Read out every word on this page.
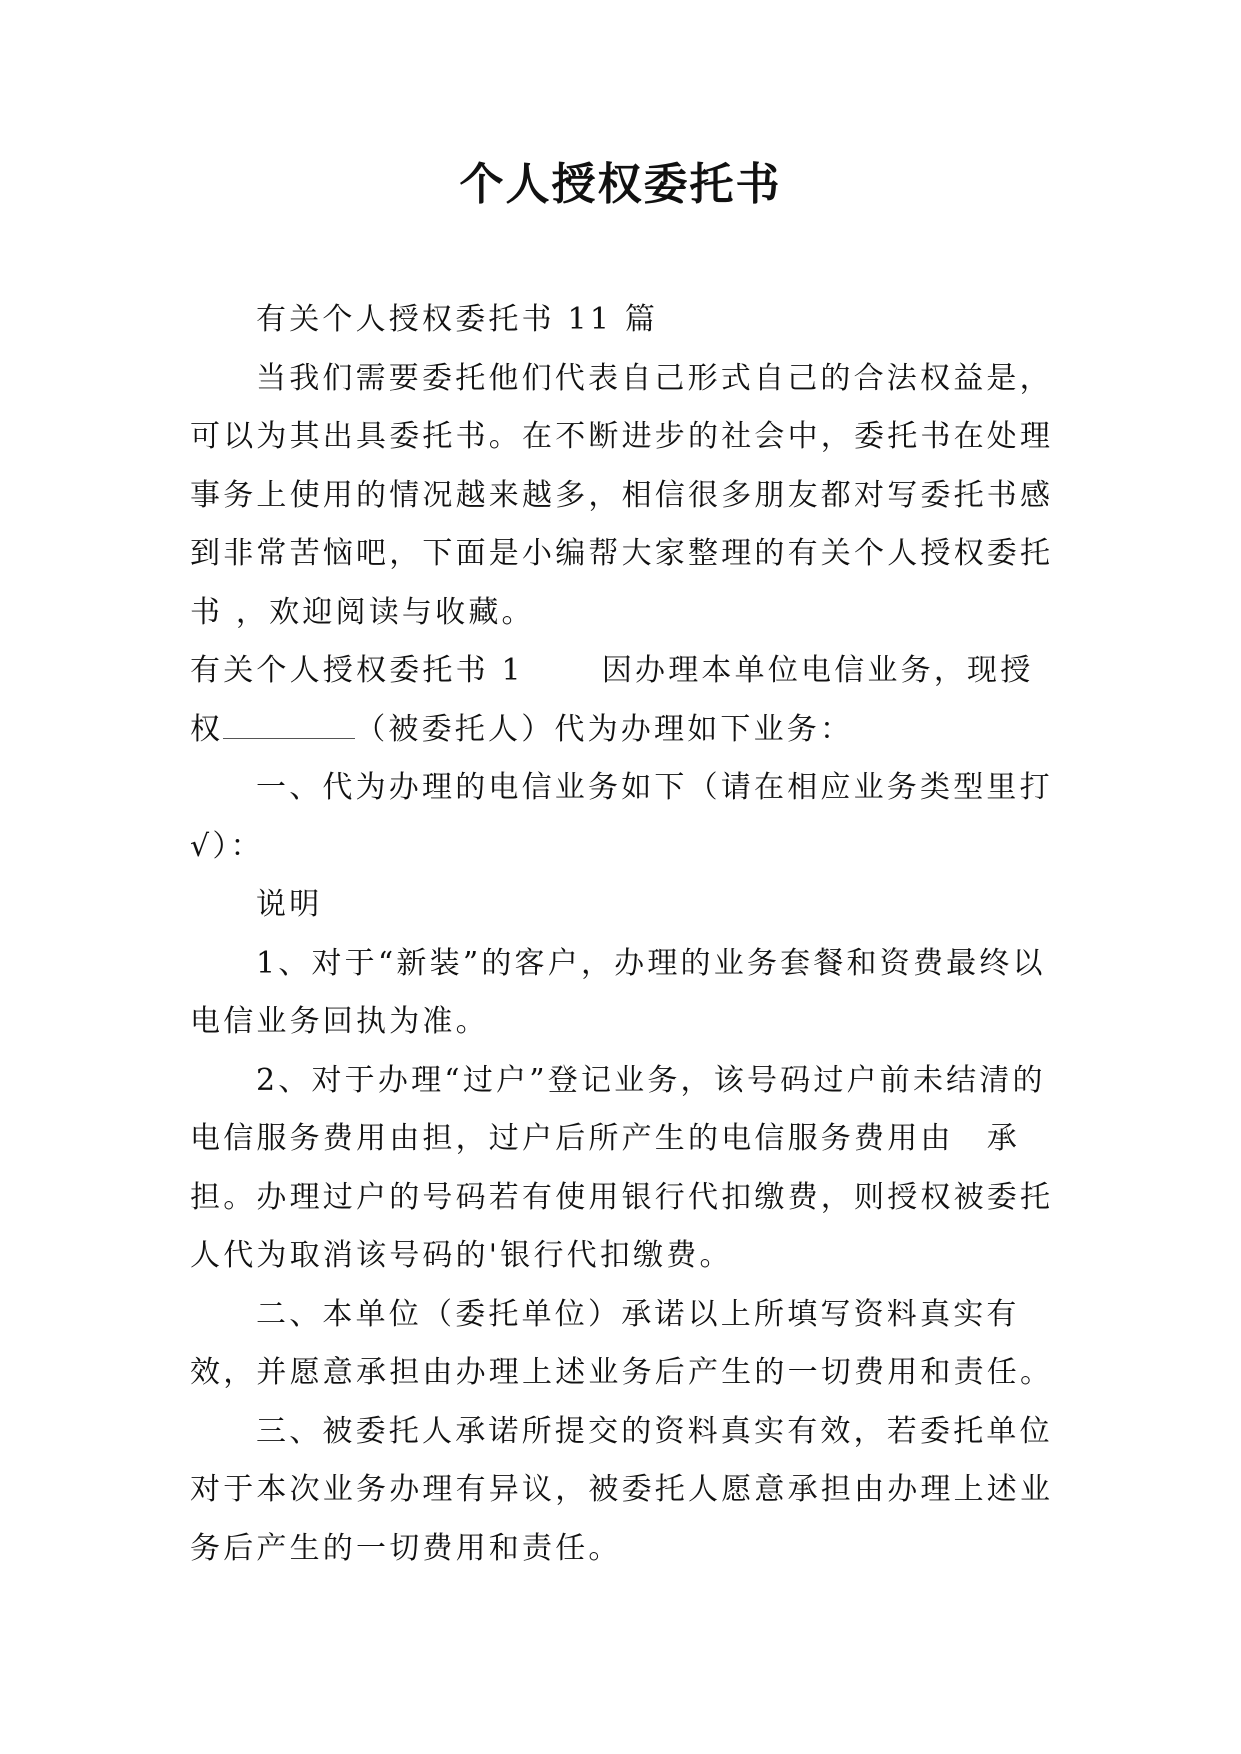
个人授权委托书

有关个人授权委托书 11 篇

当我们需要委托他们代表自己形式自己的合法权益是，可以为其出具委托书。在不断进步的社会中，委托书在处理事务上使用的情况越来越多，相信很多朋友都对写委托书感到非常苦恼吧，下面是小编帮大家整理的有关个人授权委托书 ，欢迎阅读与收藏。

有关个人授权委托书 1	因办理本单位电信业务，现授权	（被委托人）代为办理如下业务：

一、代为办理的电信业务如下（请在相应业务类型里打√）：

说明

1、对于“新装”的客户，办理的业务套餐和资费最终以电信业务回执为准。

2、对于办理“过户”登记业务，该号码过户前未结清的电信服务费用由担，过户后所产生的电信服务费用由　承担。办理过户的号码若有使用银行代扣缴费，则授权被委托人代为取消该号码的'银行代扣缴费。

二、本单位（委托单位）承诺以上所填写资料真实有效，并愿意承担由办理上述业务后产生的一切费用和责任。

三、被委托人承诺所提交的资料真实有效，若委托单位对于本次业务办理有异议，被委托人愿意承担由办理上述业务后产生的一切费用和责任。
